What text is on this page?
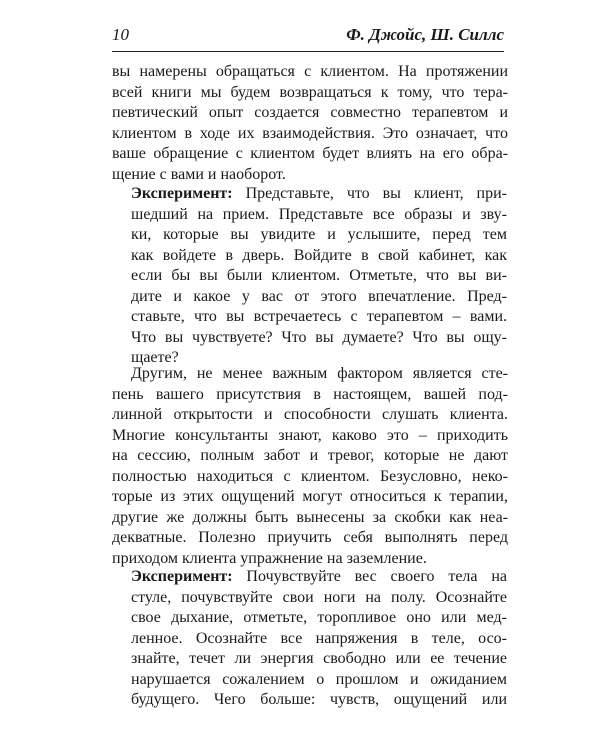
10	Ф. Джойс, Ш. Силлс
вы намерены обращаться с клиентом. На протяжении
всей книги мы будем возвращаться к тому, что тера-
певтический опыт создается совместно терапевтом и
клиентом в ходе их взаимодействия. Это означает, что
ваше обращение с клиентом будет влиять на его обра-
щение с вами и наоборот.
Эксперимент: Представьте, что вы клиент, при-
шедший на прием. Представьте все образы и зву-
ки, которые вы увидите и услышите, перед тем
как войдете в дверь. Войдите в свой кабинет, как
если бы вы были клиентом. Отметьте, что вы ви-
дите и какое у вас от этого впечатление. Пред-
ставьте, что вы встречаетесь с терапевтом – вами.
Что вы чувствуете? Что вы думаете? Что вы ощу-
щаете?
Другим, не менее важным фактором является сте-
пень вашего присутствия в настоящем, вашей под-
линной открытости и способности слушать клиента.
Многие консультанты знают, каково это – приходить
на сессию, полным забот и тревог, которые не дают
полностью находиться с клиентом. Безусловно, неко-
торые из этих ощущений могут относиться к терапии,
другие же должны быть вынесены за скобки как неа-
декватные. Полезно приучить себя выполнять перед
приходом клиента упражнение на заземление.
Эксперимент: Почувствуйте вес своего тела на
стуле, почувствуйте свои ноги на полу. Осознайте
свое дыхание, отметьте, торопливое оно или мед-
ленное. Осознайте все напряжения в теле, осо-
знайте, течет ли энергия свободно или ее течение
нарушается сожалением о прошлом и ожиданием
будущего. Чего больше: чувств, ощущений или
